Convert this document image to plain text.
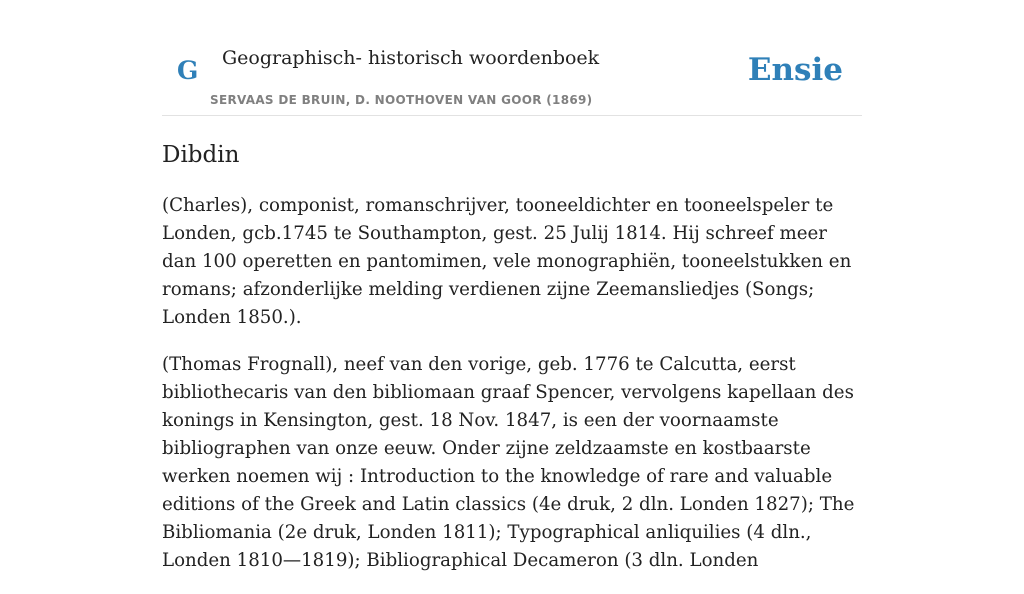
G Geographisch- historisch woordenboek
SERVAAS DE BRUIN, D. NOOTHOVEN VAN GOOR (1869)
Ensie
Dibdin

(Charles), componist, romanschrijver, tooneeldichter en tooneelspeler te Londen, gcb.1745 te Southampton, gest. 25 Julij 1814. Hij schreef meer dan 100 operetten en pantomimen, vele monographiën, tooneelstukken en romans; afzonderlijke melding verdienen zijne Zeemansliedjes (Songs; Londen 1850.).

(Thomas Frognall), neef van den vorige, geb. 1776 te Calcutta, eerst bibliothecaris van den bibliomaan graaf Spencer, vervolgens kapellaan des konings in Kensington, gest. 18 Nov. 1847, is een der voornaamste bibliographen van onze eeuw. Onder zijne zeldzaamste en kostbaarste werken noemen wij : Introduction to the knowledge of rare and valuable editions of the Greek and Latin classics (4e druk, 2 dln. Londen 1827); The Bibliomania (2e druk, Londen 1811); Typographical anliquilies (4 dln., Londen 1810—1819); Bibliographical Decameron (3 dln. Londen
